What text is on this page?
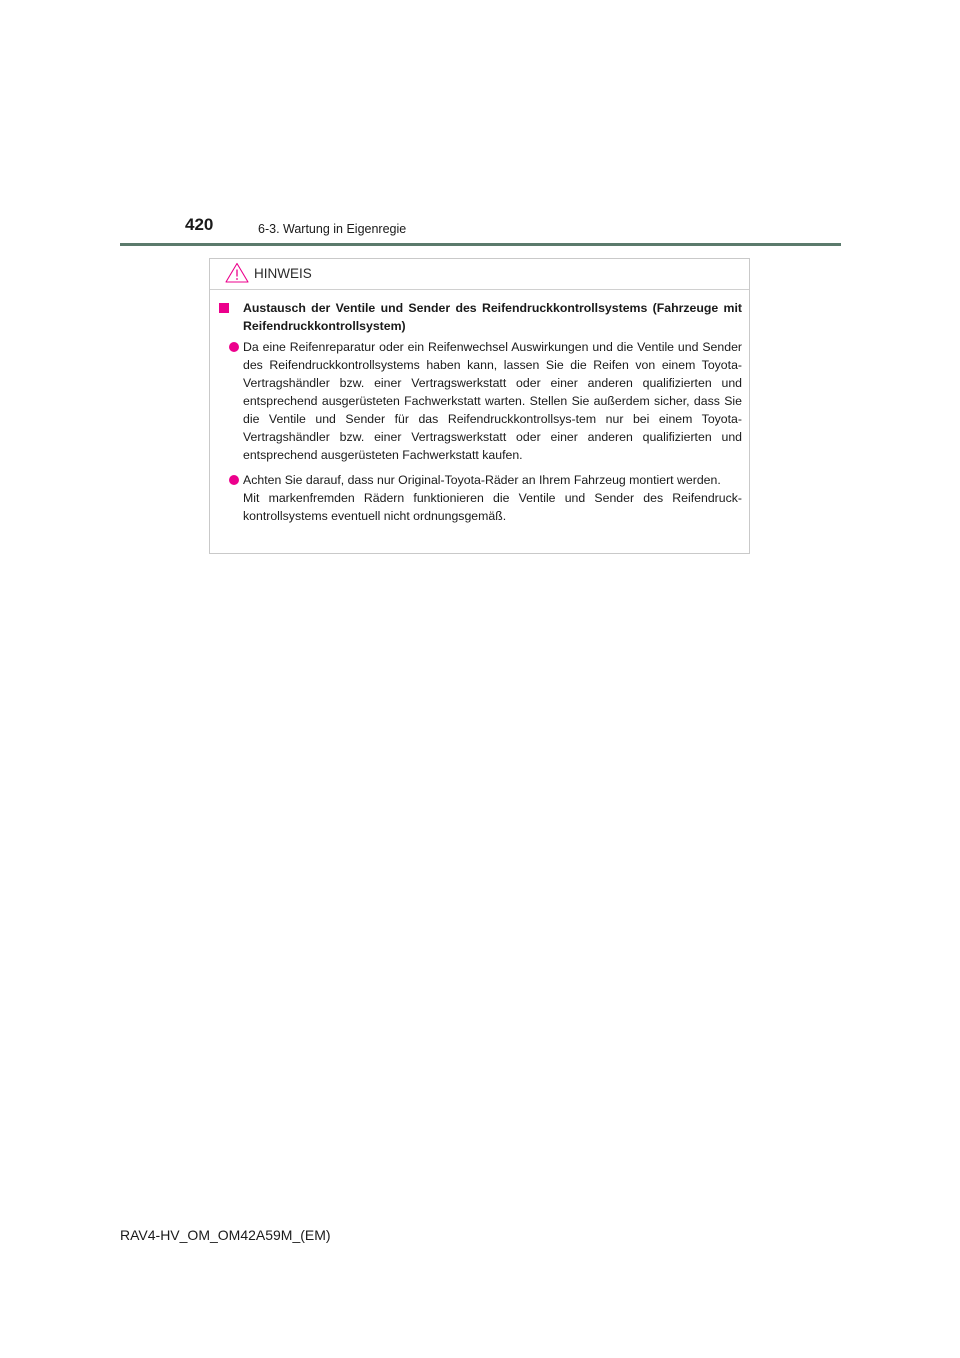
420	6-3. Wartung in Eigenregie
HINWEIS
Austausch der Ventile und Sender des Reifendruckkontrollsystems (Fahrzeuge mit Reifendruckkontrollsystem)
Da eine Reifenreparatur oder ein Reifenwechsel Auswirkungen und die Ventile und Sender des Reifendruckkontrollsystems haben kann, lassen Sie die Reifen von einem Toyota-Vertragshändler bzw. einer Vertragswerkstatt oder einer anderen qualifizierten und entsprechend ausgerüsteten Fachwerkstatt warten. Stellen Sie außerdem sicher, dass Sie die Ventile und Sender für das Reifendruckkontrollsys-tem nur bei einem Toyota-Vertragshändler bzw. einer Vertragswerkstatt oder einer anderen qualifizierten und entsprechend ausgerüsteten Fachwerkstatt kaufen.
Achten Sie darauf, dass nur Original-Toyota-Räder an Ihrem Fahrzeug montiert werden.
Mit markenfremden Rädern funktionieren die Ventile und Sender des Reifendruck-kontrollsystems eventuell nicht ordnungsgemäß.
RAV4-HV_OM_OM42A59M_(EM)
